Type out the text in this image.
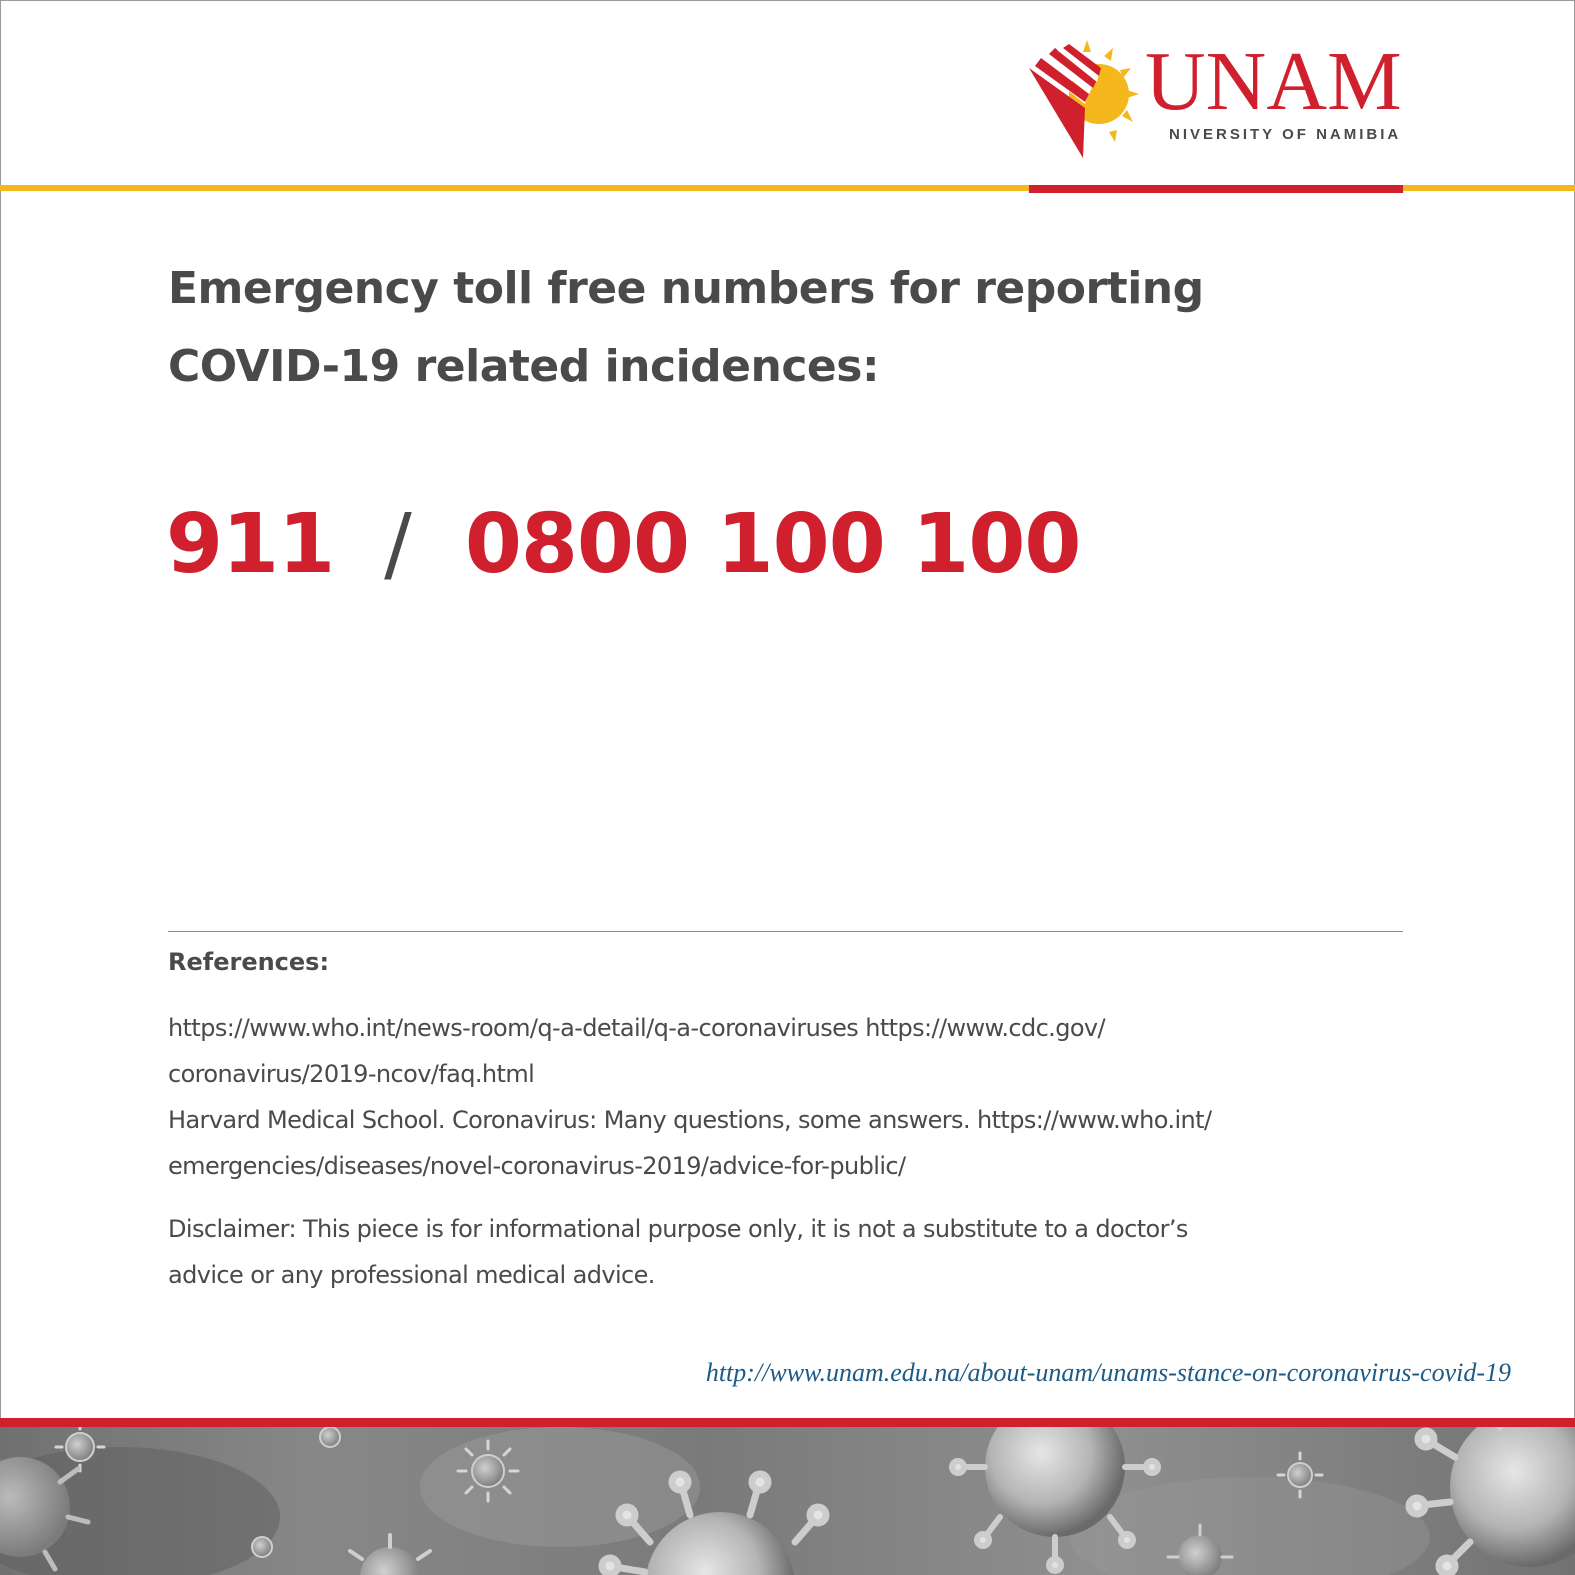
UNAM
NIVERSITY OF NAMIBIA
Emergency toll free numbers for reporting
COVID-19 related incidences:
911 / 0800 100 100
References:
https://www.who.int/news-room/q-a-detail/q-a-coronaviruses https://www.cdc.gov/
coronavirus/2019-ncov/faq.html
Harvard Medical School. Coronavirus: Many questions, some answers. https://www.who.int/
emergencies/diseases/novel-coronavirus-2019/advice-for-public/
Disclaimer: This piece is for informational purpose only, it is not a substitute to a doctor’s
advice or any professional medical advice.
http://www.unam.edu.na/about-unam/unams-stance-on-coronavirus-covid-19
